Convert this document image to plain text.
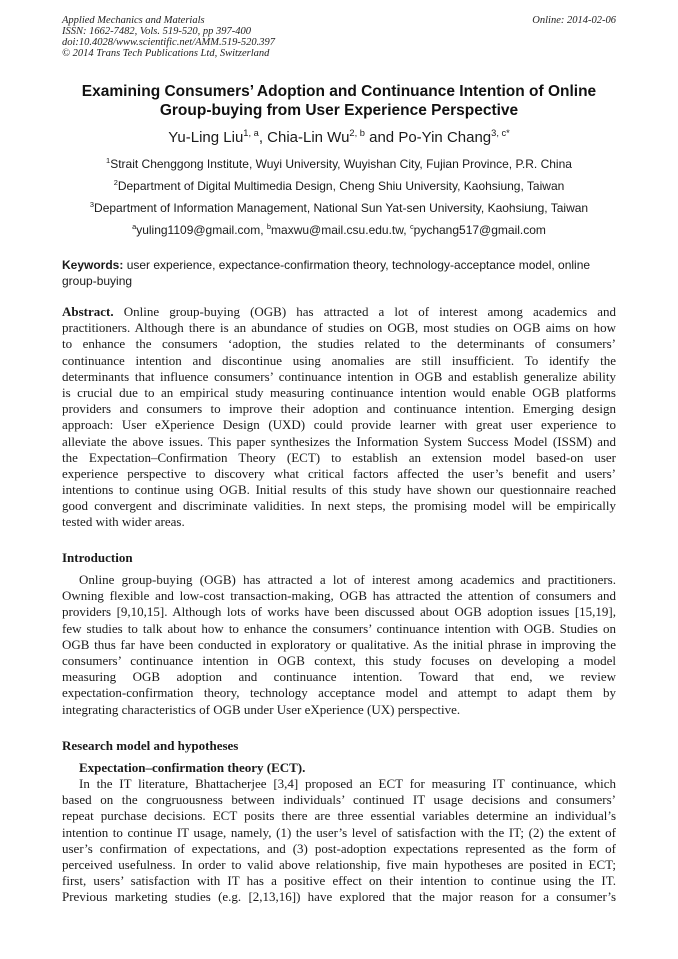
Applied Mechanics and Materials
ISSN: 1662-7482, Vols. 519-520, pp 397-400
doi:10.4028/www.scientific.net/AMM.519-520.397
© 2014 Trans Tech Publications Ltd, Switzerland
Online: 2014-02-06
Examining Consumers’ Adoption and Continuance Intention of Online
Group-buying from User Experience Perspective
Yu-Ling Liu$^{1, a}$, Chia-Lin Wu$^{2, b}$ and Po-Yin Chang$^{3, c*}$
$^1$Strait Chenggong Institute, Wuyi University, Wuyishan City, Fujian Province, P.R. China
$^2$Department of Digital Multimedia Design, Cheng Shiu University, Kaohsiung, Taiwan
$^3$Department of Information Management, National Sun Yat-sen University, Kaohsiung, Taiwan
$^a$yuling1109@gmail.com, $^b$maxwu@mail.csu.edu.tw, $^c$pychang517@gmail.com
Keywords: user experience, expectance-confirmation theory, technology-acceptance model, online
group-buying
Abstract. Online group-buying (OGB) has attracted a lot of interest among academics and
practitioners. Although there is an abundance of studies on OGB, most studies on OGB aims on how
to enhance the consumers ‘adoption, the studies related to the determinants of consumers’
continuance intention and discontinue using anomalies are still insufficient. To identify the
determinants that influence consumers’ continuance intention in OGB and establish generalize ability
is crucial due to an empirical study measuring continuance intention would enable OGB platforms
providers and consumers to improve their adoption and continuance intention. Emerging design
approach: User eXperience Design (UXD) could provide learner with great user experience to
alleviate the above issues. This paper synthesizes the Information System Success Model (ISSM) and
the Expectation–Confirmation Theory (ECT) to establish an extension model based-on user
experience perspective to discovery what critical factors affected the user’s benefit and users’
intentions to continue using OGB. Initial results of this study have shown our questionnaire reached
good convergent and discriminate validities. In next steps, the promising model will be empirically
tested with wider areas.
Introduction
Online group-buying (OGB) has attracted a lot of interest among academics and practitioners.
Owning flexible and low-cost transaction-making, OGB has attracted the attention of consumers and
providers [9,10,15]. Although lots of works have been discussed about OGB adoption issues [15,19],
few studies to talk about how to enhance the consumers’ continuance intention with OGB. Studies on
OGB thus far have been conducted in exploratory or qualitative. As the initial phrase in improving the
consumers’ continuance intention in OGB context, this study focuses on developing a model
measuring OGB adoption and continuance intention. Toward that end, we review
expectation-confirmation theory, technology acceptance model and attempt to adapt them by
integrating characteristics of OGB under User eXperience (UX) perspective.
Research model and hypotheses
Expectation–confirmation theory (ECT).
In the IT literature, Bhattacherjee [3,4] proposed an ECT for measuring IT continuance, which
based on the congruousness between individuals’ continued IT usage decisions and consumers’
repeat purchase decisions. ECT posits there are three essential variables determine an individual’s
intention to continue IT usage, namely, (1) the user’s level of satisfaction with the IT; (2) the extent of
user’s confirmation of expectations, and (3) post-adoption expectations represented as the form of
perceived usefulness. In order to valid above relationship, five main hypotheses are posited in ECT;
first, users’ satisfaction with IT has a positive effect on their intention to continue using the IT.
Previous marketing studies (e.g. [2,13,16]) have explored that the major reason for a consumer’s
